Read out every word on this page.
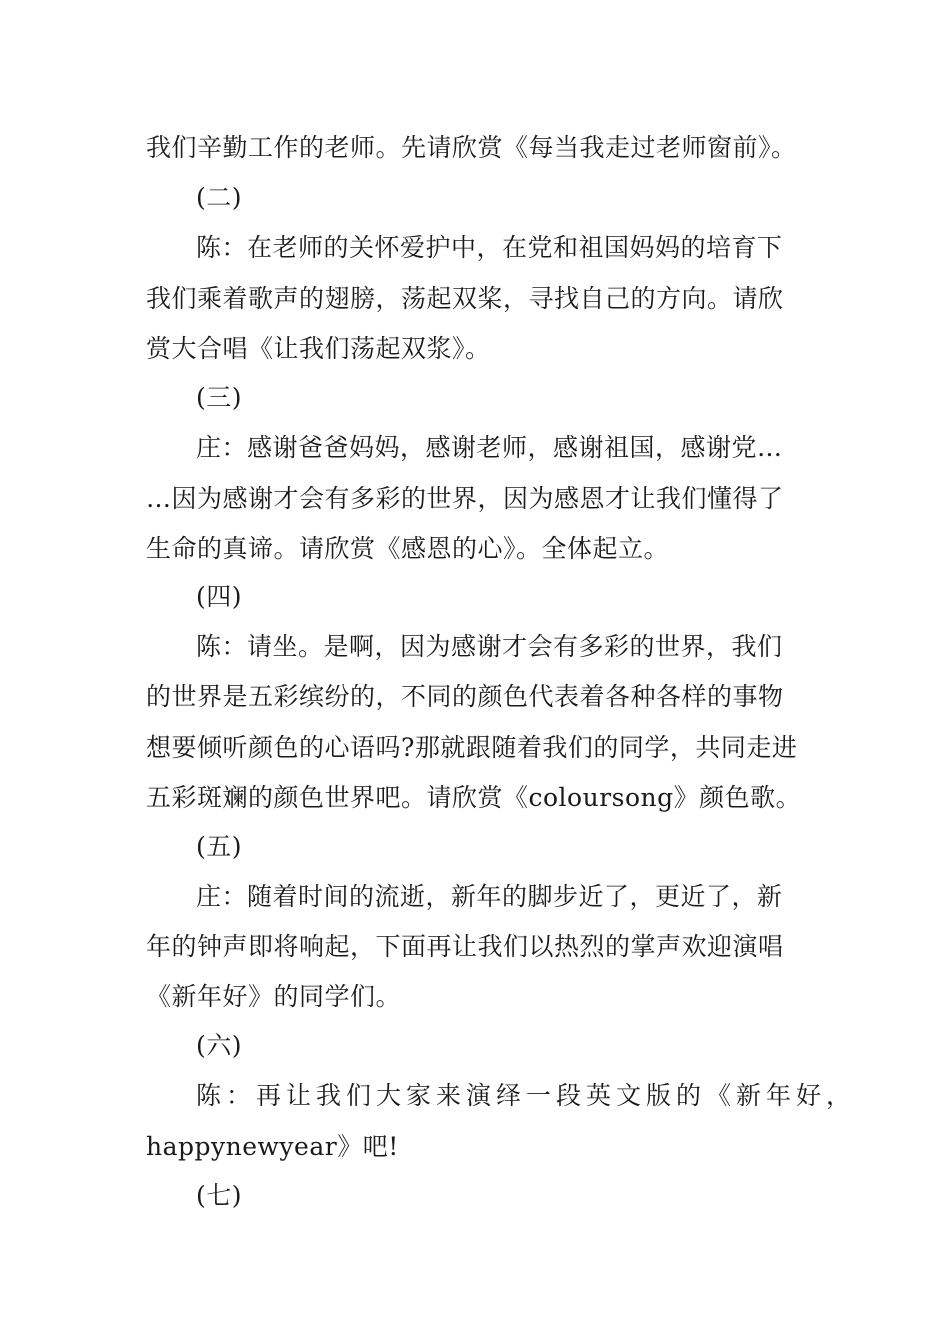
我们辛勤工作的老师。先请欣赏《每当我走过老师窗前》。
(二)
陈：在老师的关怀爱护中，在党和祖国妈妈的培育下
我们乘着歌声的翅膀，荡起双桨，寻找自己的方向。请欣
赏大合唱《让我们荡起双浆》。
(三)
庄：感谢爸爸妈妈，感谢老师，感谢祖国，感谢党…
…因为感谢才会有多彩的世界，因为感恩才让我们懂得了
生命的真谛。请欣赏《感恩的心》。全体起立。
(四)
陈：请坐。是啊，因为感谢才会有多彩的世界，我们
的世界是五彩缤纷的，不同的颜色代表着各种各样的事物
想要倾听颜色的心语吗?那就跟随着我们的同学，共同走进
五彩斑斓的颜色世界吧。请欣赏《coloursong》颜色歌。
(五)
庄：随着时间的流逝，新年的脚步近了，更近了，新
年的钟声即将响起，下面再让我们以热烈的掌声欢迎演唱
《新年好》的同学们。
(六)
陈：再让我们大家来演绎一段英文版的《新年好，
happynewyear》吧!
(七)
